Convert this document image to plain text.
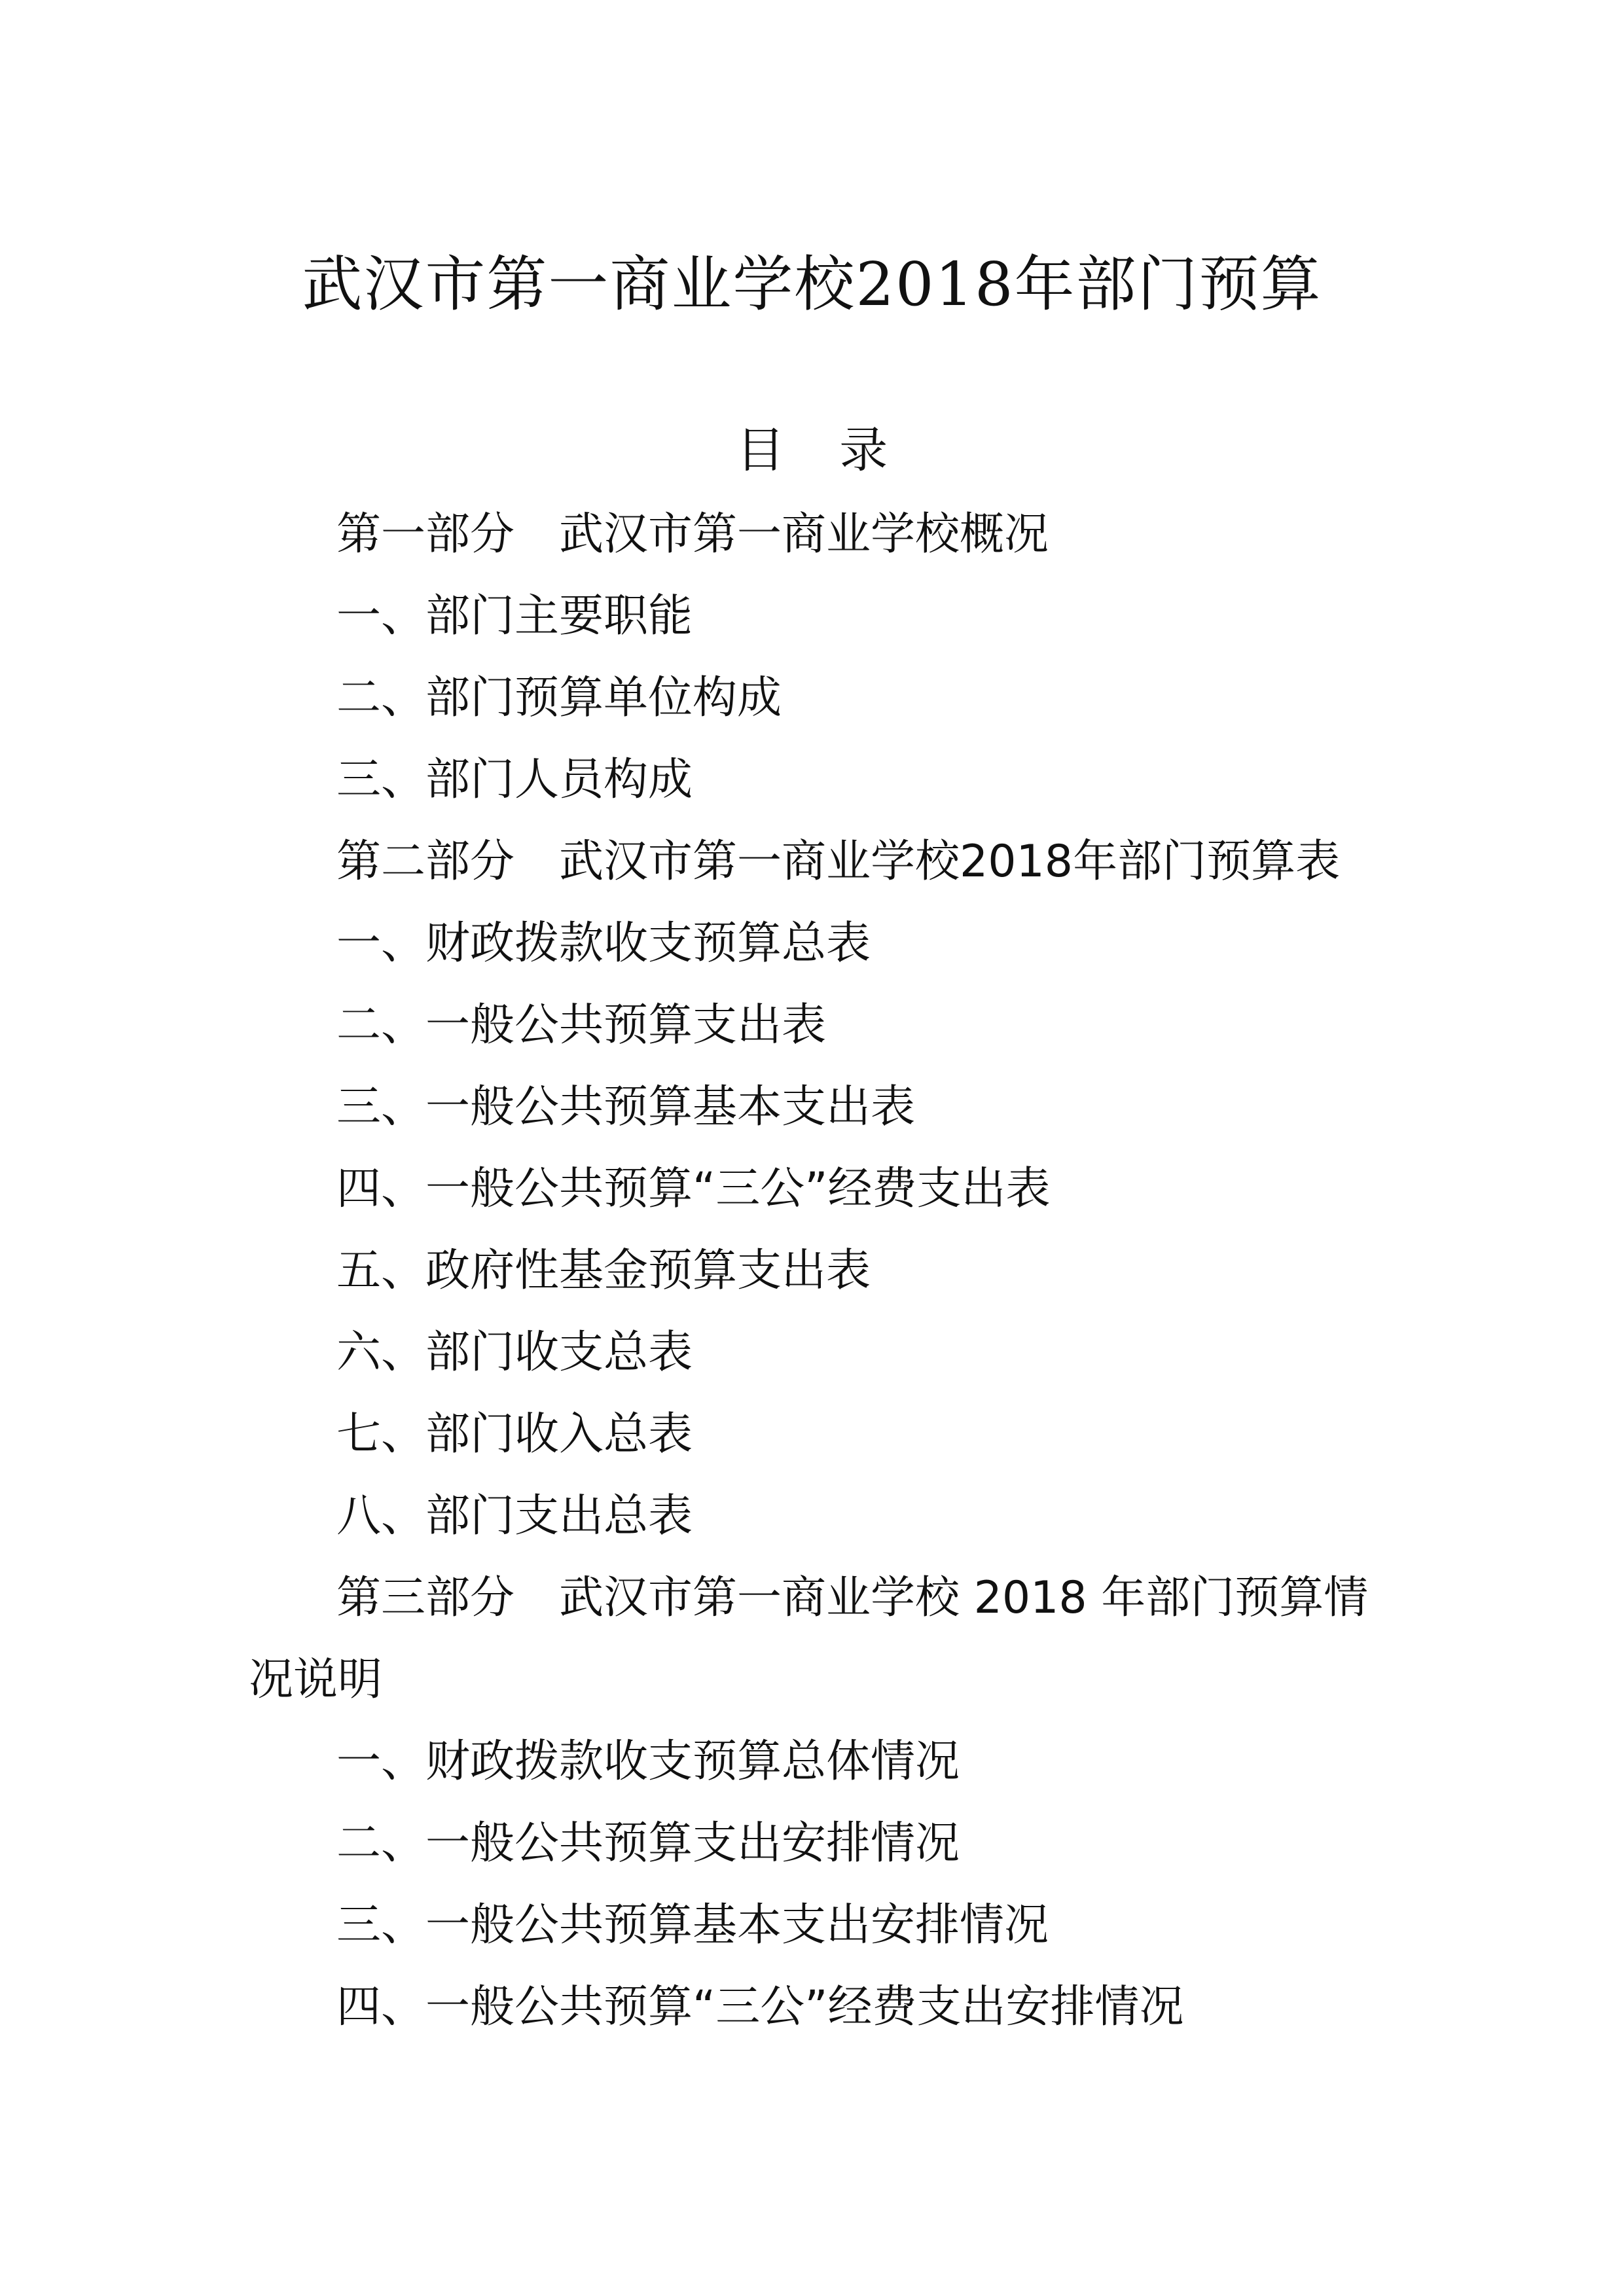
武汉市第一商业学校2018年部门预算
目 录
第一部分 武汉市第一商业学校概况
一、部门主要职能
二、部门预算单位构成
三、部门人员构成
第二部分 武汉市第一商业学校2018年部门预算表
一、财政拨款收支预算总表
二、一般公共预算支出表
三、一般公共预算基本支出表
四、一般公共预算“三公”经费支出表
五、政府性基金预算支出表
六、部门收支总表
七、部门收入总表
八、部门支出总表
第三部分 武汉市第一商业学校 2018 年部门预算情况说明
一、财政拨款收支预算总体情况
二、一般公共预算支出安排情况
三、一般公共预算基本支出安排情况
四、一般公共预算“三公”经费支出安排情况
